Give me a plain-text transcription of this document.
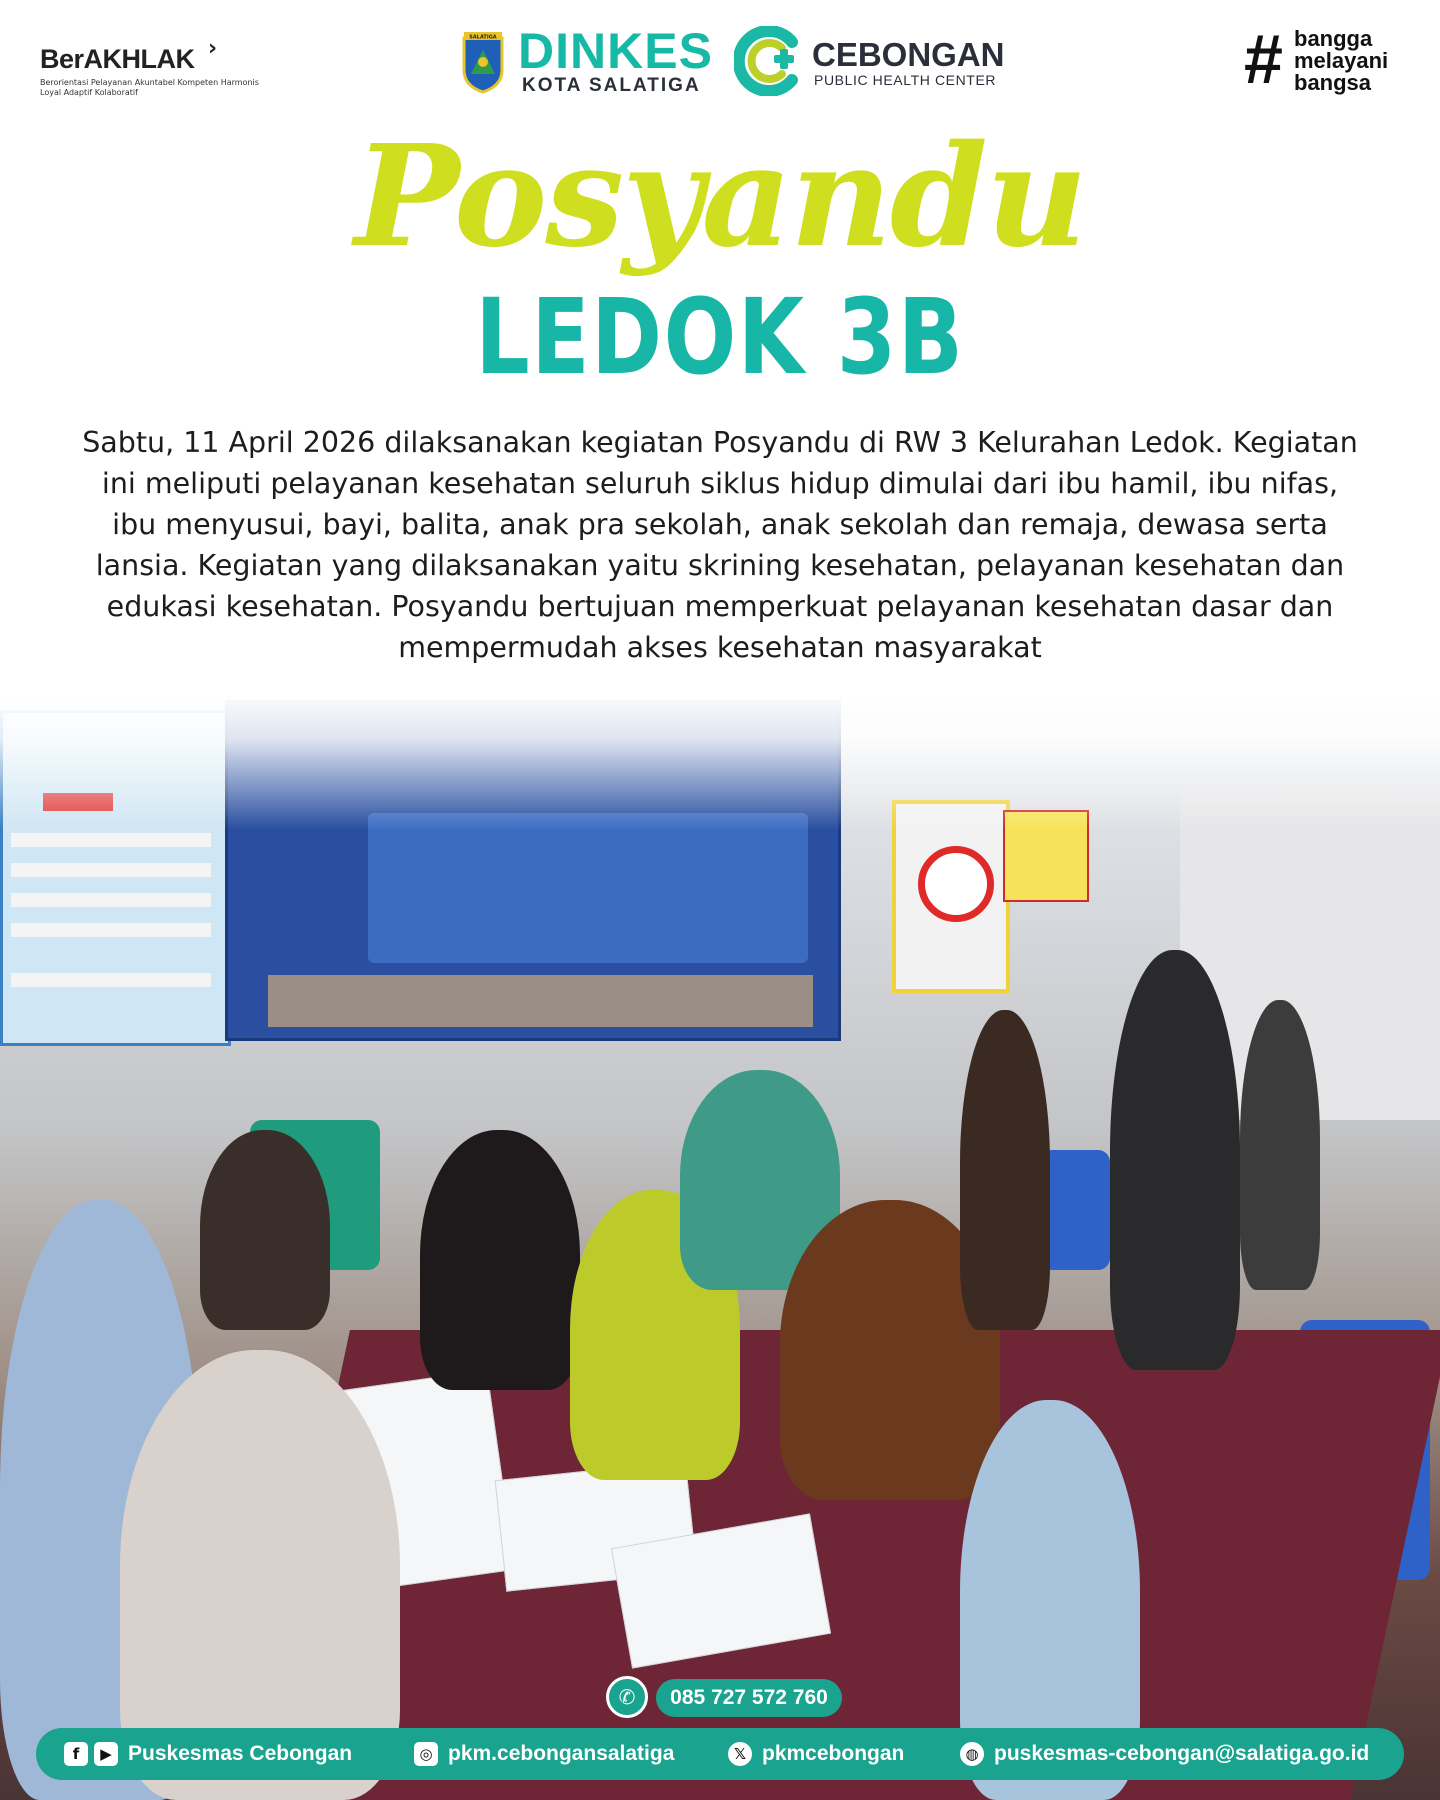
BerAKHLAK ›
Berorientasi Pelayanan Akuntabel Kompeten Harmonis Loyal Adaptif Kolaboratif
SALATIGA DINKES
KOTA SALATIGA
CEBONGAN
PUBLIC HEALTH CENTER	# bangga
melayani
bangsa
Posyandu
LEDOK 3B
Sabtu, 11 April 2026 dilaksanakan kegiatan Posyandu di RW 3 Kelurahan Ledok. Kegiatan ini meliputi pelayanan kesehatan seluruh siklus hidup dimulai dari ibu hamil, ibu nifas, ibu menyusui, bayi, balita, anak pra sekolah, anak sekolah dan remaja, dewasa serta lansia. Kegiatan yang dilaksanakan yaitu skrining kesehatan, pelayanan kesehatan dan edukasi kesehatan. Posyandu bertujuan memperkuat pelayanan kesehatan dasar dan mempermudah akses kesehatan masyarakat
✆	085 727 572 760
f	▶ Puskesmas Cebongan	◎ pkm.cebongansalatiga	𝕏 pkmcebongan	◍ puskesmas-cebongan@salatiga.go.id
